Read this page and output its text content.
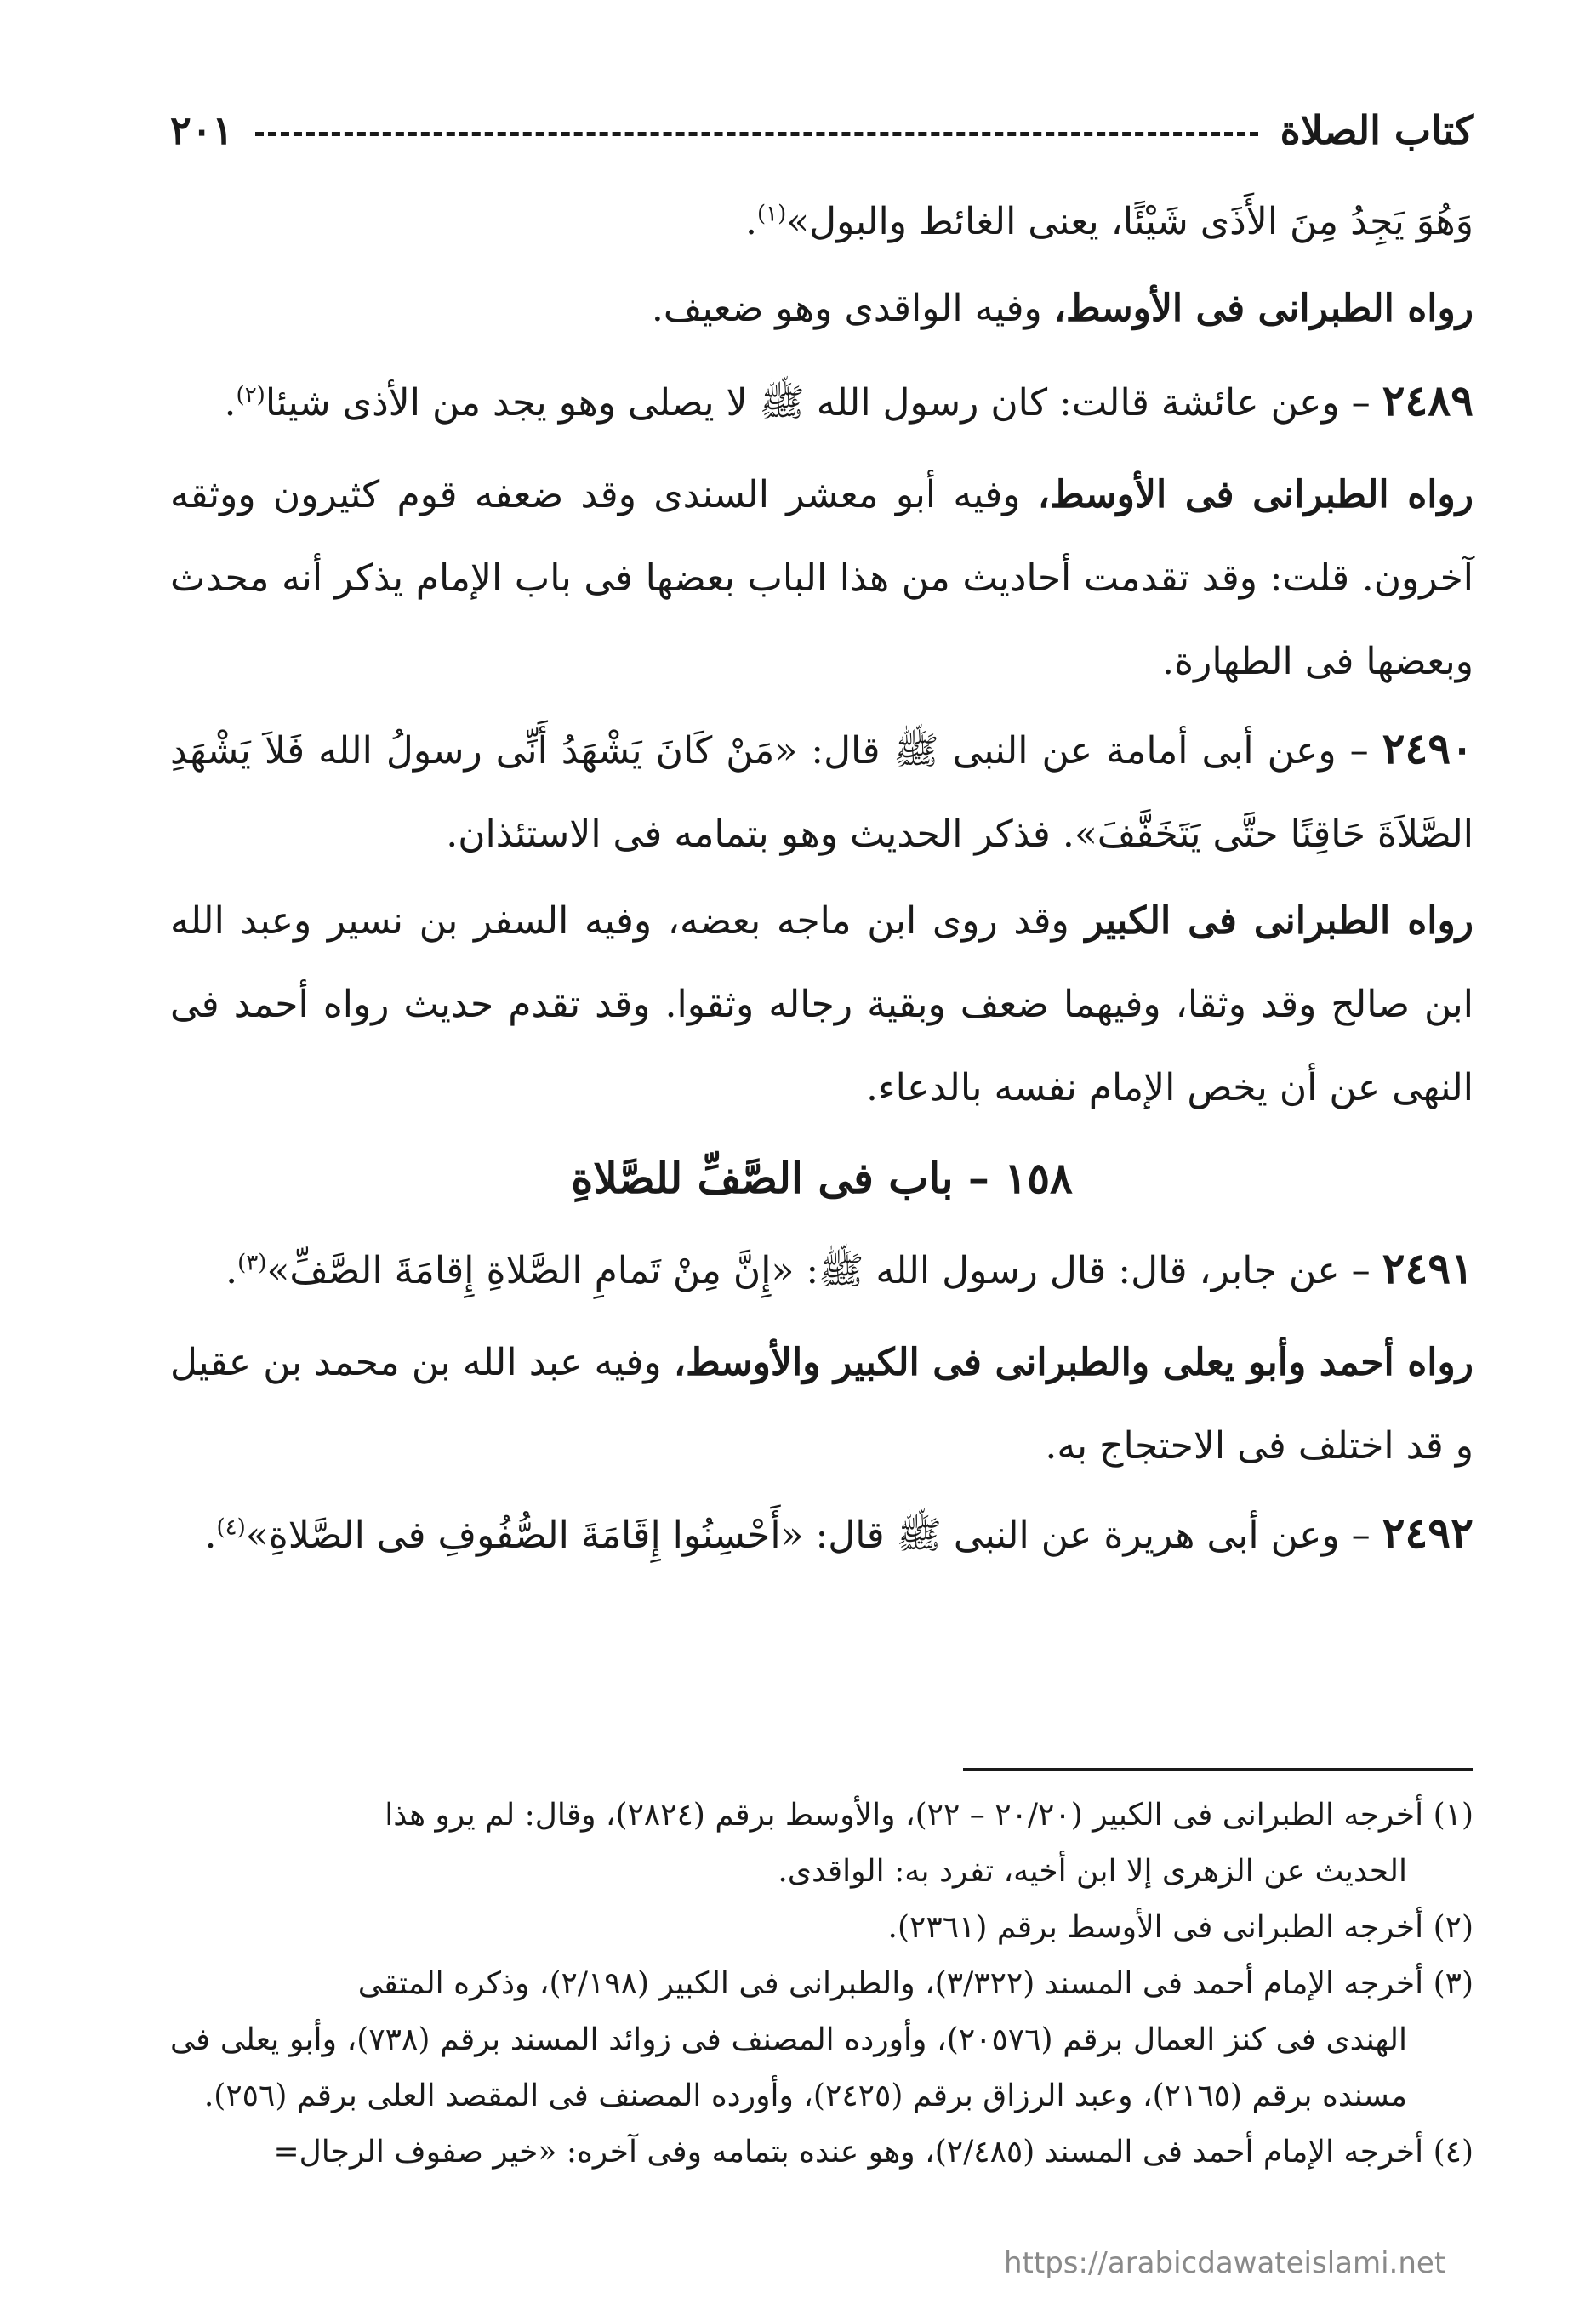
كتاب الصلاة
٢٠١

وَهُوَ يَجِدُ مِنَ الأَذَى شَيْئًا، يعنى الغائط والبول»$^{(١)}$.

رواه الطبرانى فى الأوسط، وفيه الواقدى وهو ضعيف.

٢٤٨٩ – وعن عائشة قالت: كان رسول الله ﷺ لا يصلى وهو يجد من الأذى شيئا$^{(٢)}$.

رواه الطبرانى فى الأوسط، وفيه أبو معشر السندى وقد ضعفه قوم كثيرون ووثقه آخرون. قلت: وقد تقدمت أحاديث من هذا الباب بعضها فى باب الإمام يذكر أنه محدث وبعضها فى الطهارة.

٢٤٩٠ – وعن أبى أمامة عن النبى ﷺ قال: «مَنْ كَانَ يَشْهَدُ أَنِّى رسولُ الله فَلاَ يَشْهَدِ الصَّلاَةَ حَاقِنًا حتَّى يَتَخَفَّفَ». فذكر الحديث وهو بتمامه فى الاستئذان.

رواه الطبرانى فى الكبير وقد روى ابن ماجه بعضه، وفيه السفر بن نسير وعبد الله ابن صالح وقد وثقا، وفيهما ضعف وبقية رجاله وثقوا. وقد تقدم حديث رواه أحمد فى النهى عن أن يخص الإمام نفسه بالدعاء.

١٥٨ – باب فى الصَّفِّ للصَّلاةِ

٢٤٩١ – عن جابر، قال: قال رسول الله ﷺ: «إِنَّ مِنْ تَمامِ الصَّلاةِ إِقامَةَ الصَّفِّ»$^{(٣)}$.

رواه أحمد وأبو يعلى والطبرانى فى الكبير والأوسط، وفيه عبد الله بن محمد بن عقيل و قد اختلف فى الاحتجاج به.

٢٤٩٢ – وعن أبى هريرة عن النبى ﷺ قال: «أَحْسِنُوا إِقَامَةَ الصُّفُوفِ فى الصَّلاةِ»$^{(٤)}$.

(١) أخرجه الطبرانى فى الكبير (٢٠/٢٠ – ٢٢)، والأوسط برقم (٢٨٢٤)، وقال: لم يرو هذا
الحديث عن الزهرى إلا ابن أخيه، تفرد به: الواقدى.

(٢) أخرجه الطبرانى فى الأوسط برقم (٢٣٦١).

(٣) أخرجه الإمام أحمد فى المسند (٣/٣٢٢)، والطبرانى فى الكبير (٢/١٩٨)، وذكره المتقى
الهندى فى كنز العمال برقم (٢٠٥٧٦)، وأورده المصنف فى زوائد المسند برقم (٧٣٨)، وأبو يعلى فى مسنده برقم (٢١٦٥)، وعبد الرزاق برقم (٢٤٢٥)، وأورده المصنف فى المقصد العلى برقم (٢٥٦).

(٤) أخرجه الإمام أحمد فى المسند (٢/٤٨٥)، وهو عنده بتمامه وفى آخره: «خير صفوف الرجال=

https://arabicdawateislami.net
